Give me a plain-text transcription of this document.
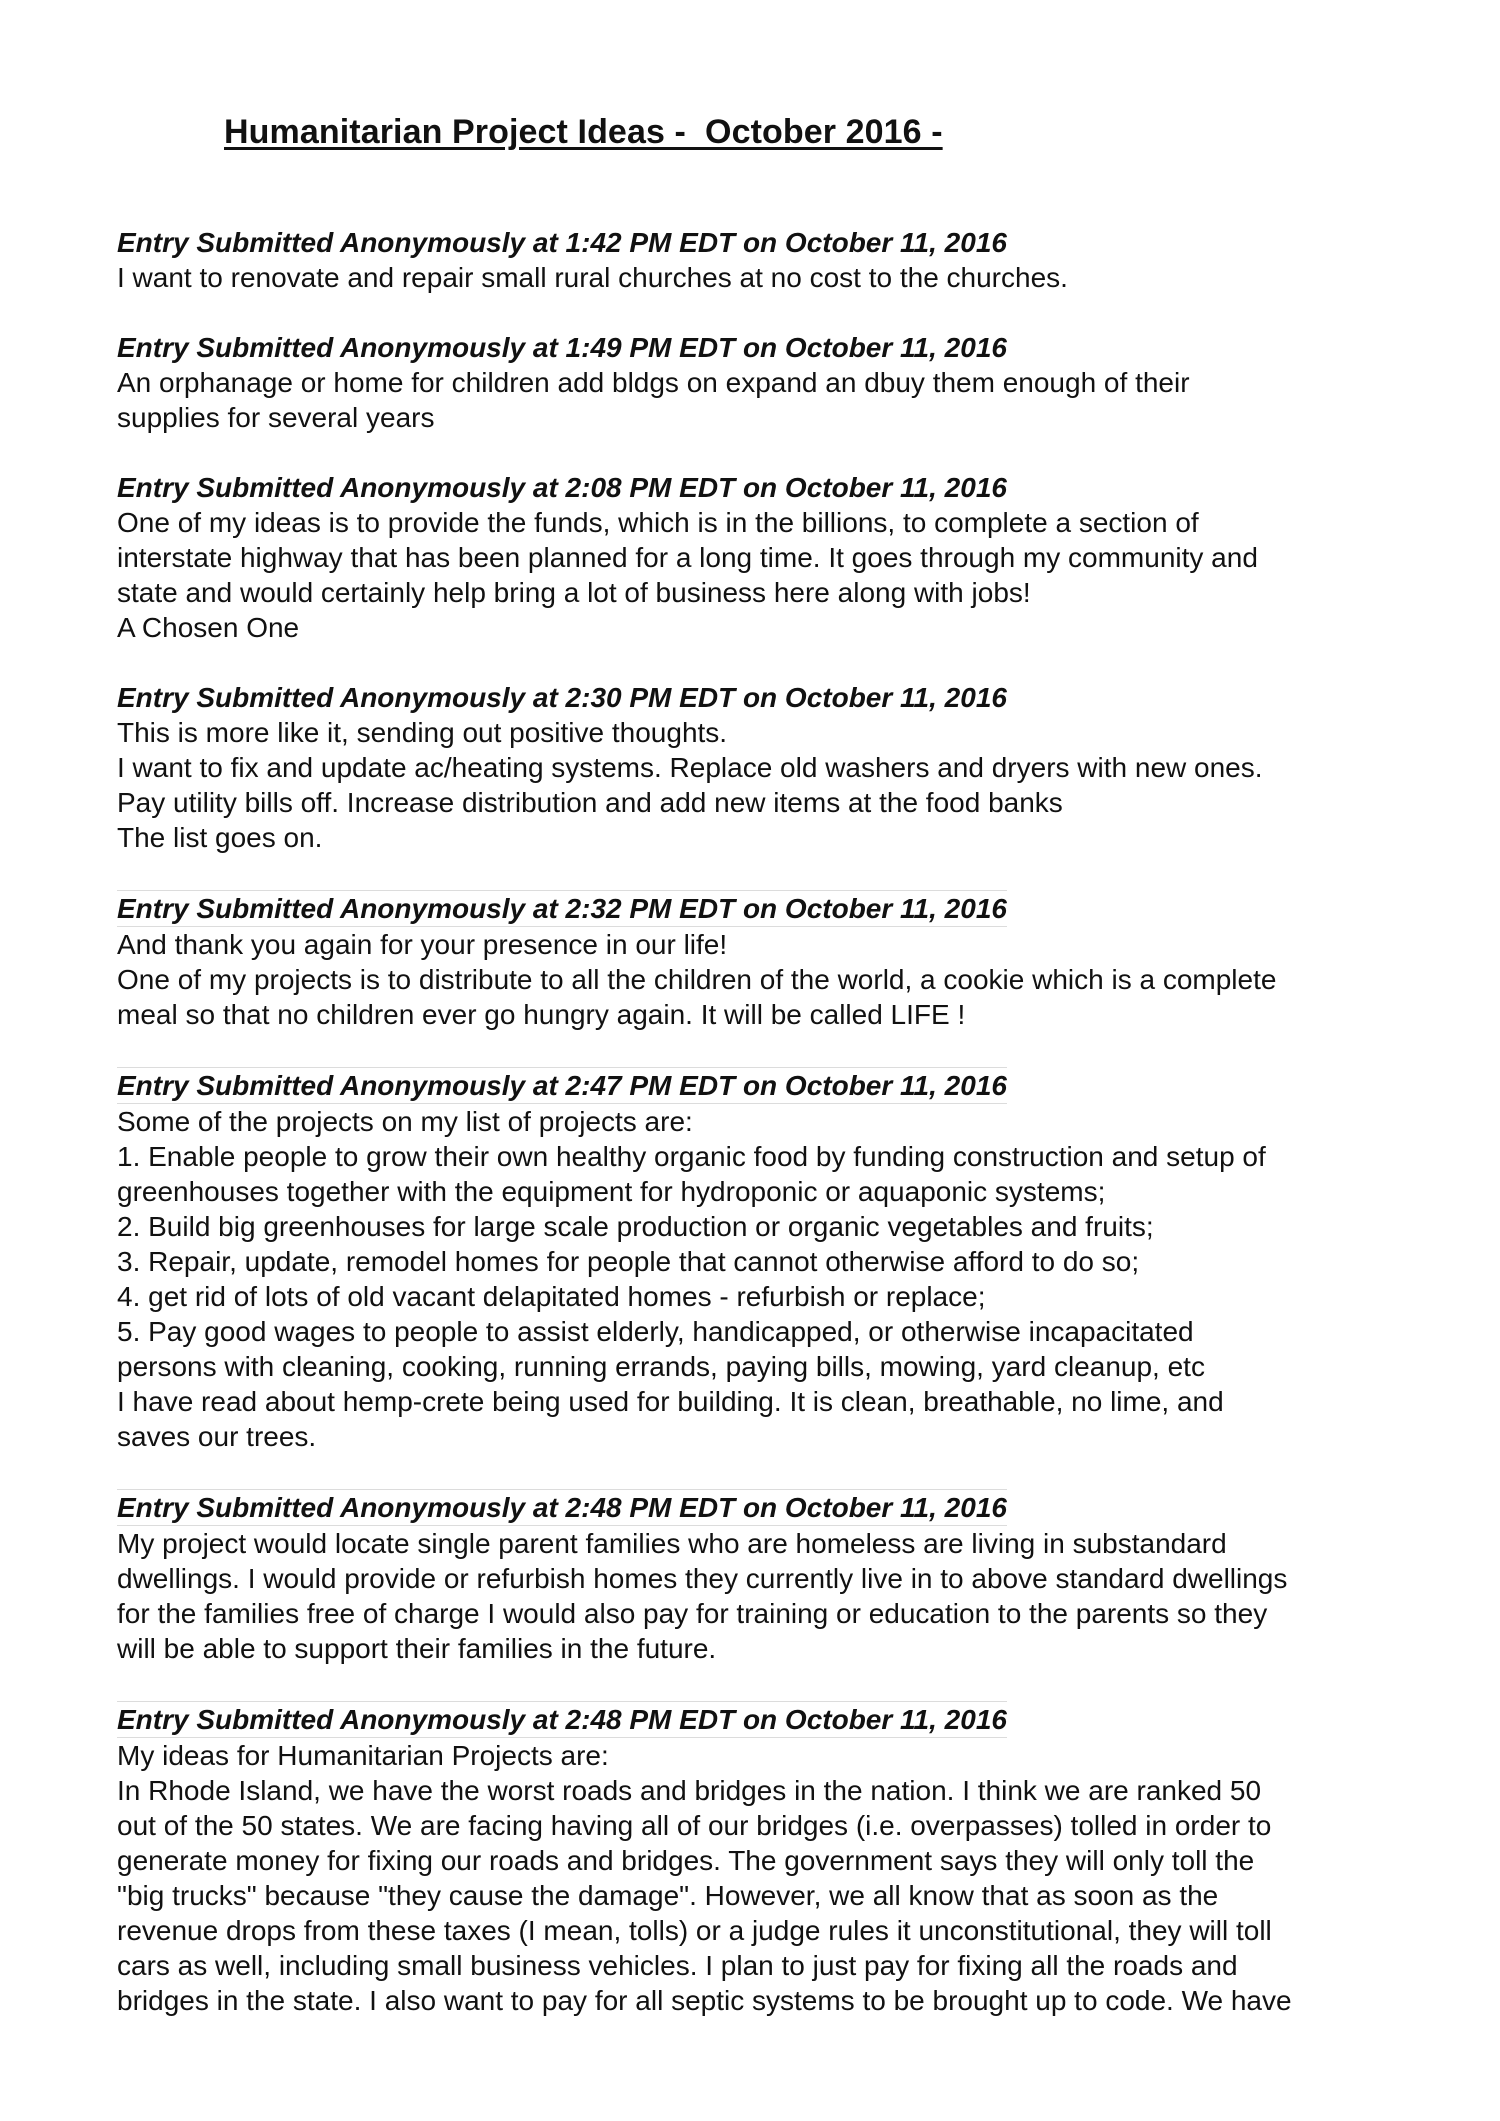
Humanitarian Project Ideas -  October 2016 -
Entry Submitted Anonymously at 1:42 PM EDT on October 11, 2016
I want to renovate and repair small rural churches at no cost to the churches.
Entry Submitted Anonymously at 1:49 PM EDT on October 11, 2016
An orphanage or home for children add bldgs on expand an dbuy them enough of their
supplies for several years
Entry Submitted Anonymously at 2:08 PM EDT on October 11, 2016
One of my ideas is to provide the funds, which is in the billions, to complete a section of
interstate highway that has been planned for a long time. It goes through my community and
state and would certainly help bring a lot of business here along with jobs!
A Chosen One
Entry Submitted Anonymously at 2:30 PM EDT on October 11, 2016
This is more like it, sending out positive thoughts.
I want to fix and update ac/heating systems. Replace old washers and dryers with new ones.
Pay utility bills off. Increase distribution and add new items at the food banks
The list goes on.
Entry Submitted Anonymously at 2:32 PM EDT on October 11, 2016
And thank you again for your presence in our life!
One of my projects is to distribute to all the children of the world, a cookie which is a complete
meal so that no children ever go hungry again. It will be called LIFE !
Entry Submitted Anonymously at 2:47 PM EDT on October 11, 2016
Some of the projects on my list of projects are:
1. Enable people to grow their own healthy organic food by funding construction and setup of
greenhouses together with the equipment for hydroponic or aquaponic systems;
2. Build big greenhouses for large scale production or organic vegetables and fruits;
3. Repair, update, remodel homes for people that cannot otherwise afford to do so;
4. get rid of lots of old vacant delapitated homes - refurbish or replace;
5. Pay good wages to people to assist elderly, handicapped, or otherwise incapacitated
persons with cleaning, cooking, running errands, paying bills, mowing, yard cleanup, etc
I have read about hemp-crete being used for building. It is clean, breathable, no lime, and
saves our trees.
Entry Submitted Anonymously at 2:48 PM EDT on October 11, 2016
My project would locate single parent families who are homeless are living in substandard
dwellings. I would provide or refurbish homes they currently live in to above standard dwellings
for the families free of charge I would also pay for training or education to the parents so they
will be able to support their families in the future.
Entry Submitted Anonymously at 2:48 PM EDT on October 11, 2016
My ideas for Humanitarian Projects are:
In Rhode Island, we have the worst roads and bridges in the nation. I think we are ranked 50
out of the 50 states. We are facing having all of our bridges (i.e. overpasses) tolled in order to
generate money for fixing our roads and bridges. The government says they will only toll the
"big trucks" because "they cause the damage". However, we all know that as soon as the
revenue drops from these taxes (I mean, tolls) or a judge rules it unconstitutional, they will toll
cars as well, including small business vehicles. I plan to just pay for fixing all the roads and
bridges in the state. I also want to pay for all septic systems to be brought up to code. We have
